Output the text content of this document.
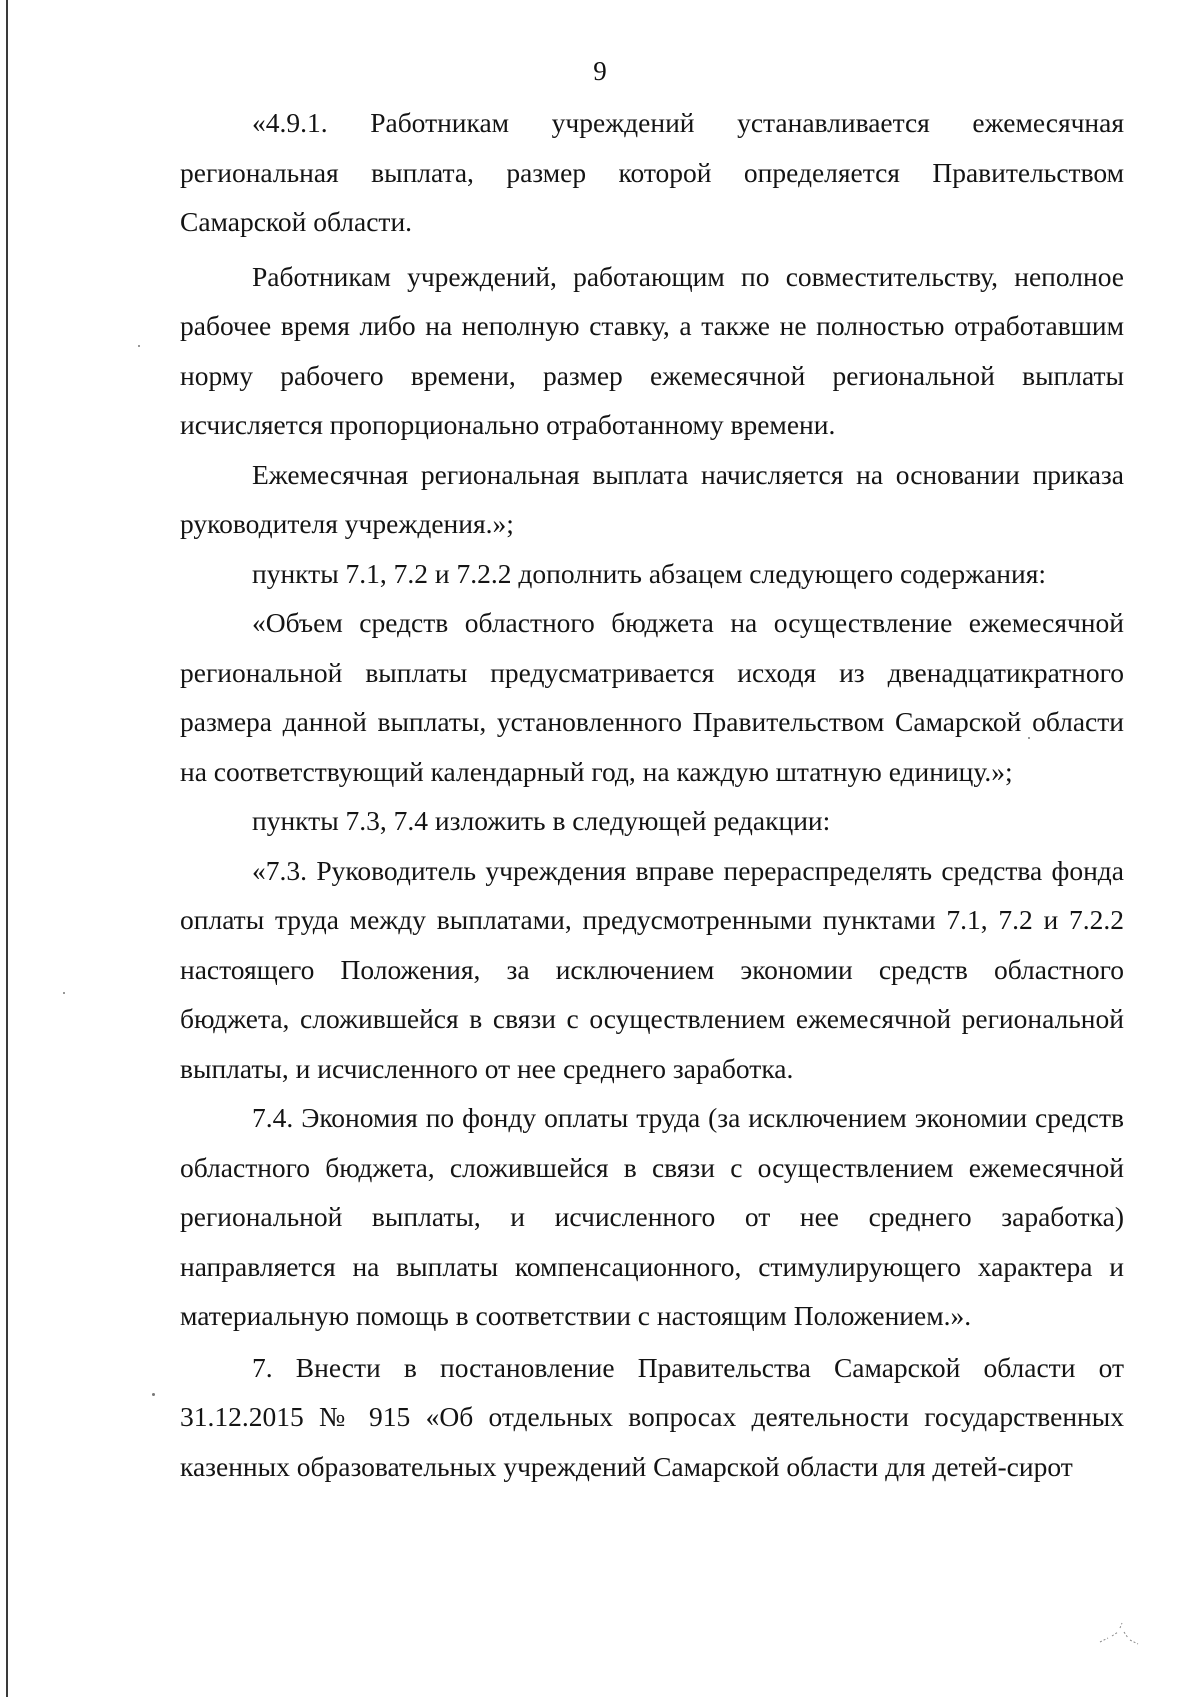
9

«4.9.1. Работникам учреждений устанавливается ежемесячная региональная выплата, размер которой определяется Правительством Самарской области.

Работникам учреждений, работающим по совместительству, неполное рабочее время либо на неполную ставку, а также не полностью отработавшим норму рабочего времени, размер ежемесячной региональной выплаты исчисляется пропорционально отработанному времени.

Ежемесячная региональная выплата начисляется на основании приказа руководителя учреждения.»;

пункты 7.1, 7.2 и 7.2.2 дополнить абзацем следующего содержания:

«Объем средств областного бюджета на осуществление ежемесячной региональной выплаты предусматривается исходя из двенадцатикратного размера данной выплаты, установленного Правительством Самарской области на соответствующий календарный год, на каждую штатную единицу.»;

пункты 7.3, 7.4 изложить в следующей редакции:

«7.3. Руководитель учреждения вправе перераспределять средства фонда оплаты труда между выплатами, предусмотренными пунктами 7.1, 7.2 и 7.2.2 настоящего Положения, за исключением экономии средств областного бюджета, сложившейся в связи с осуществлением ежемесячной региональной выплаты, и исчисленного от нее среднего заработка.

7.4. Экономия по фонду оплаты труда (за исключением экономии средств областного бюджета, сложившейся в связи с осуществлением ежемесячной региональной выплаты, и исчисленного от нее среднего заработка) направляется на выплаты компенсационного, стимулирующего характера и материальную помощь в соответствии с настоящим Положением.».

7. Внести в постановление Правительства Самарской области от 31.12.2015 № 915 «Об отдельных вопросах деятельности государственных казенных образовательных учреждений Самарской области для детей-сирот
